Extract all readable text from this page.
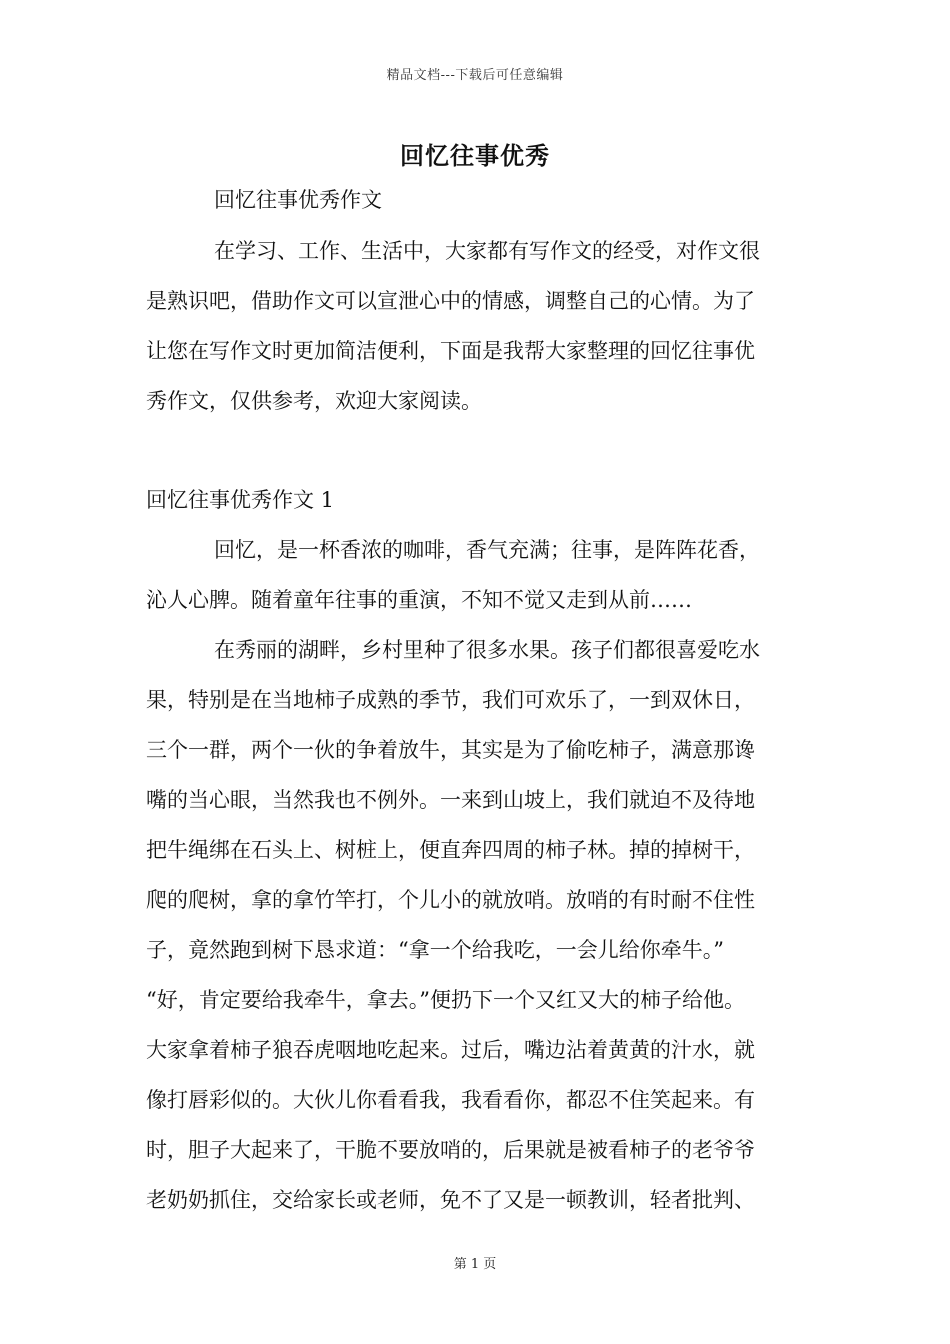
精品文档---下载后可任意编辑
回忆往事优秀
回忆往事优秀作文
在学习、工作、生活中，大家都有写作文的经受，对作文很
是熟识吧，借助作文可以宣泄心中的情感，调整自己的心情。为了
让您在写作文时更加简洁便利，下面是我帮大家整理的回忆往事优
秀作文，仅供参考，欢迎大家阅读。
回忆往事优秀作文 1
回忆，是一杯香浓的咖啡，香气充满；往事，是阵阵花香，
沁人心脾。随着童年往事的重演，不知不觉又走到从前……
在秀丽的湖畔，乡村里种了很多水果。孩子们都很喜爱吃水
果，特别是在当地柿子成熟的季节，我们可欢乐了，一到双休日，
三个一群，两个一伙的争着放牛，其实是为了偷吃柿子，满意那谗
嘴的当心眼，当然我也不例外。一来到山坡上，我们就迫不及待地
把牛绳绑在石头上、树桩上，便直奔四周的柿子林。掉的掉树干，
爬的爬树，拿的拿竹竿打，个儿小的就放哨。放哨的有时耐不住性
子，竟然跑到树下恳求道：“拿一个给我吃，一会儿给你牵牛。”
“好，肯定要给我牵牛，拿去。”便扔下一个又红又大的柿子给他。
大家拿着柿子狼吞虎咽地吃起来。过后，嘴边沾着黄黄的汁水，就
像打唇彩似的。大伙儿你看看我，我看看你，都忍不住笑起来。有
时，胆子大起来了，干脆不要放哨的，后果就是被看柿子的老爷爷
老奶奶抓住，交给家长或老师，免不了又是一顿教训，轻者批判、
第 1 页
